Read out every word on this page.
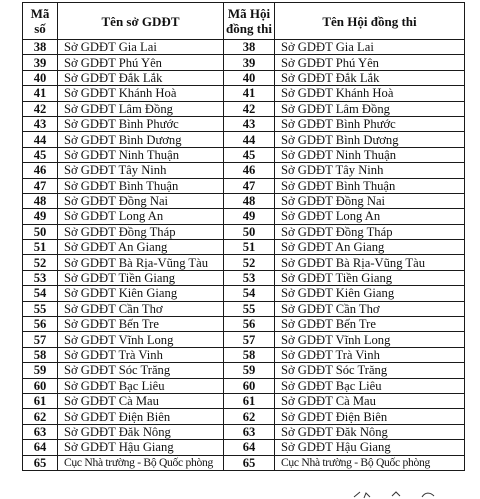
Mã
số	Tên sở GDĐT	Mã Hội
đồng thi	Tên Hội đồng thi
38	Sở GDĐT Gia Lai	38	Sở GDĐT Gia Lai
39	Sở GDĐT Phú Yên	39	Sở GDĐT Phú Yên
40	Sở GDĐT Đắk Lắk	40	Sở GDĐT Đắk Lắk
41	Sở GDĐT Khánh Hoà	41	Sở GDĐT Khánh Hoà
42	Sở GDĐT Lâm Đồng	42	Sở GDĐT Lâm Đồng
43	Sở GDĐT Bình Phước	43	Sở GDĐT Bình Phước
44	Sở GDĐT Bình Dương	44	Sở GDĐT Bình Dương
45	Sở GDĐT Ninh Thuận	45	Sở GDĐT Ninh Thuận
46	Sở GDĐT Tây Ninh	46	Sở GDĐT Tây Ninh
47	Sở GDĐT Bình Thuận	47	Sở GDĐT Bình Thuận
48	Sở GDĐT Đồng Nai	48	Sở GDĐT Đồng Nai
49	Sở GDĐT Long An	49	Sở GDĐT Long An
50	Sở GDĐT Đồng Tháp	50	Sở GDĐT Đồng Tháp
51	Sở GDĐT An Giang	51	Sở GDĐT An Giang
52	Sở GDĐT Bà Rịa-Vũng Tàu	52	Sở GDĐT Bà Rịa-Vũng Tàu
53	Sở GDĐT Tiền Giang	53	Sở GDĐT Tiền Giang
54	Sở GDĐT Kiên Giang	54	Sở GDĐT Kiên Giang
55	Sở GDĐT Cần Thơ	55	Sở GDĐT Cần Thơ
56	Sở GDĐT Bến Tre	56	Sở GDĐT Bến Tre
57	Sở GDĐT Vĩnh Long	57	Sở GDĐT Vĩnh Long
58	Sở GDĐT Trà Vinh	58	Sở GDĐT Trà Vinh
59	Sở GDĐT Sóc Trăng	59	Sở GDĐT Sóc Trăng
60	Sở GDĐT Bạc Liêu	60	Sở GDĐT Bạc Liêu
61	Sở GDĐT Cà Mau	61	Sở GDĐT Cà Mau
62	Sở GDĐT Điện Biên	62	Sở GDĐT Điện Biên
63	Sở GDĐT Đăk Nông	63	Sở GDĐT Đăk Nông
64	Sở GDĐT Hậu Giang	64	Sở GDĐT Hậu Giang
65	Cục Nhà trường - Bộ Quốc phòng	65	Cục Nhà trường - Bộ Quốc phòng
